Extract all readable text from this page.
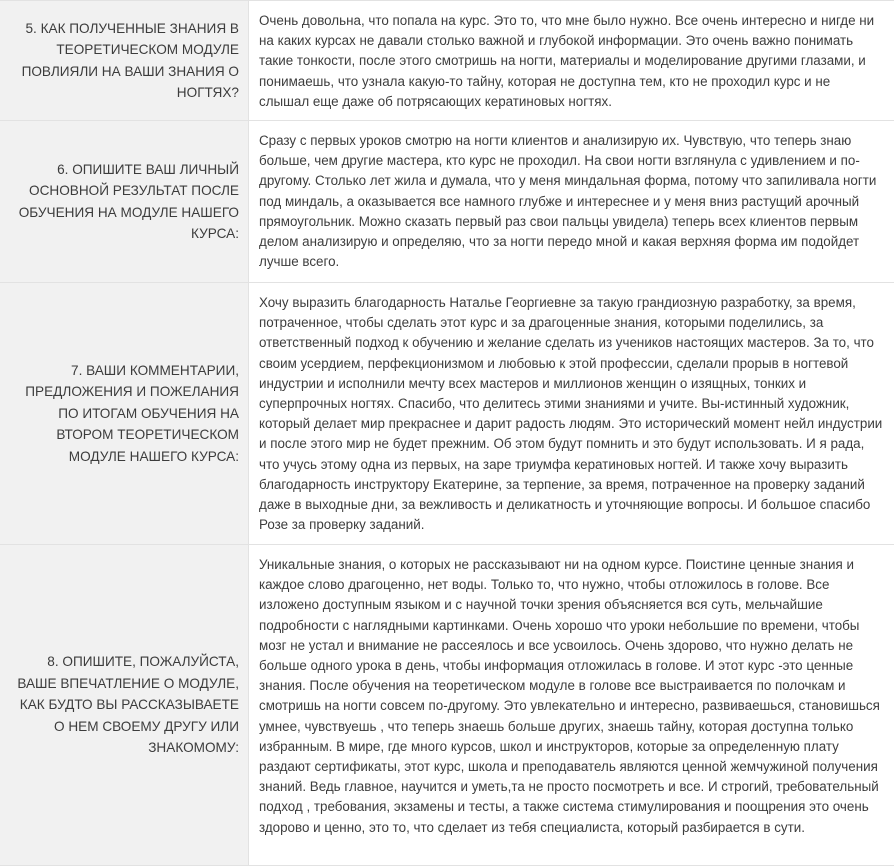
5. КАК ПОЛУЧЕННЫЕ ЗНАНИЯ В ТЕОРЕТИЧЕСКОМ МОДУЛЕ ПОВЛИЯЛИ НА ВАШИ ЗНАНИЯ О НОГТЯХ?
Очень довольна, что попала на курс. Это то, что мне было нужно. Все очень интересно и нигде ни на каких курсах не давали столько важной и глубокой информации. Это очень важно понимать такие тонкости, после этого смотришь на ногти, материалы и моделирование другими глазами, и понимаешь, что узнала какую-то тайну, которая не доступна тем, кто не проходил курс и не слышал еще даже об потрясающих кератиновых ногтях.
6. ОПИШИТЕ ВАШ ЛИЧНЫЙ ОСНОВНОЙ РЕЗУЛЬТАТ ПОСЛЕ ОБУЧЕНИЯ НА МОДУЛЕ НАШЕГО КУРСА:
Сразу с первых уроков смотрю на ногти клиентов и анализирую их. Чувствую, что теперь знаю больше, чем другие мастера, кто курс не проходил. На свои ногти взглянула с удивлением и по-другому. Столько лет жила и думала, что у меня миндальная форма, потому что запиливала ногти под миндаль, а оказывается все намного глубже и интереснее и у меня вниз растущий арочный прямоугольник. Можно сказать первый раз свои пальцы увидела) теперь всех клиентов первым делом анализирую и определяю, что за ногти передо мной и какая верхняя форма им подойдет лучше всего.
7. ВАШИ КОММЕНТАРИИ, ПРЕДЛОЖЕНИЯ И ПОЖЕЛАНИЯ ПО ИТОГАМ ОБУЧЕНИЯ НА ВТОРОМ ТЕОРЕТИЧЕСКОМ МОДУЛЕ НАШЕГО КУРСА:
Хочу выразить благодарность Наталье Георгиевне за такую грандиозную разработку, за время, потраченное, чтобы сделать этот курс и за драгоценные знания, которыми поделились, за ответственный подход к обучению и желание сделать из учеников настоящих мастеров. За то, что своим усердием, перфекционизмом и любовью к этой профессии, сделали прорыв в ногтевой индустрии и исполнили мечту всех мастеров и миллионов женщин о изящных, тонких и суперпрочных ногтях. Спасибо, что делитесь этими знаниями и учите. Вы-истинный художник, который делает мир прекраснее и дарит радость людям. Это исторический момент нейл индустрии и после этого мир не будет прежним. Об этом будут помнить и это будут использовать. И я рада, что учусь этому одна из первых, на заре триумфа кератиновых ногтей. И также хочу выразить благодарность инструктору Екатерине, за терпение, за время, потраченное на проверку заданий даже в выходные дни, за вежливость и деликатность и уточняющие вопросы. И большое спасибо Розе за проверку заданий.
8. ОПИШИТЕ, ПОЖАЛУЙСТА, ВАШЕ ВПЕЧАТЛЕНИЕ О МОДУЛЕ, КАК БУДТО ВЫ РАССКАЗЫВАЕТЕ О НЕМ СВОЕМУ ДРУГУ ИЛИ ЗНАКОМОМУ:
Уникальные знания, о которых не рассказывают ни на одном курсе. Поистине ценные знания и каждое слово драгоценно, нет воды. Только то, что нужно, чтобы отложилось в голове. Все изложено доступным языком и с научной точки зрения объясняется вся суть, мельчайшие подробности с наглядными картинками. Очень хорошо что уроки небольшие по времени, чтобы мозг не устал и внимание не рассеялось и все усвоилось. Очень здорово, что нужно делать не больше одного урока в день, чтобы информация отложилась в голове. И этот курс -это ценные знания. После обучения на теоретическом модуле в голове все выстраивается по полочкам и смотришь на ногти совсем по-другому. Это увлекательно и интересно, развиваешься, становишься умнее, чувствуешь , что теперь знаешь больше других, знаешь тайну, которая доступна только избранным. В мире, где много курсов, школ и инструкторов, которые за определенную плату раздают сертификаты, этот курс, школа и преподаватель являются ценной жемчужиной получения знаний. Ведь главное, научится и уметь,та не просто посмотреть и все. И строгий, требовательный подход , требования, экзамены и тесты, а также система стимулирования и поощрения это очень здорово и ценно, это то, что сделает из тебя специалиста, который разбирается в сути.
